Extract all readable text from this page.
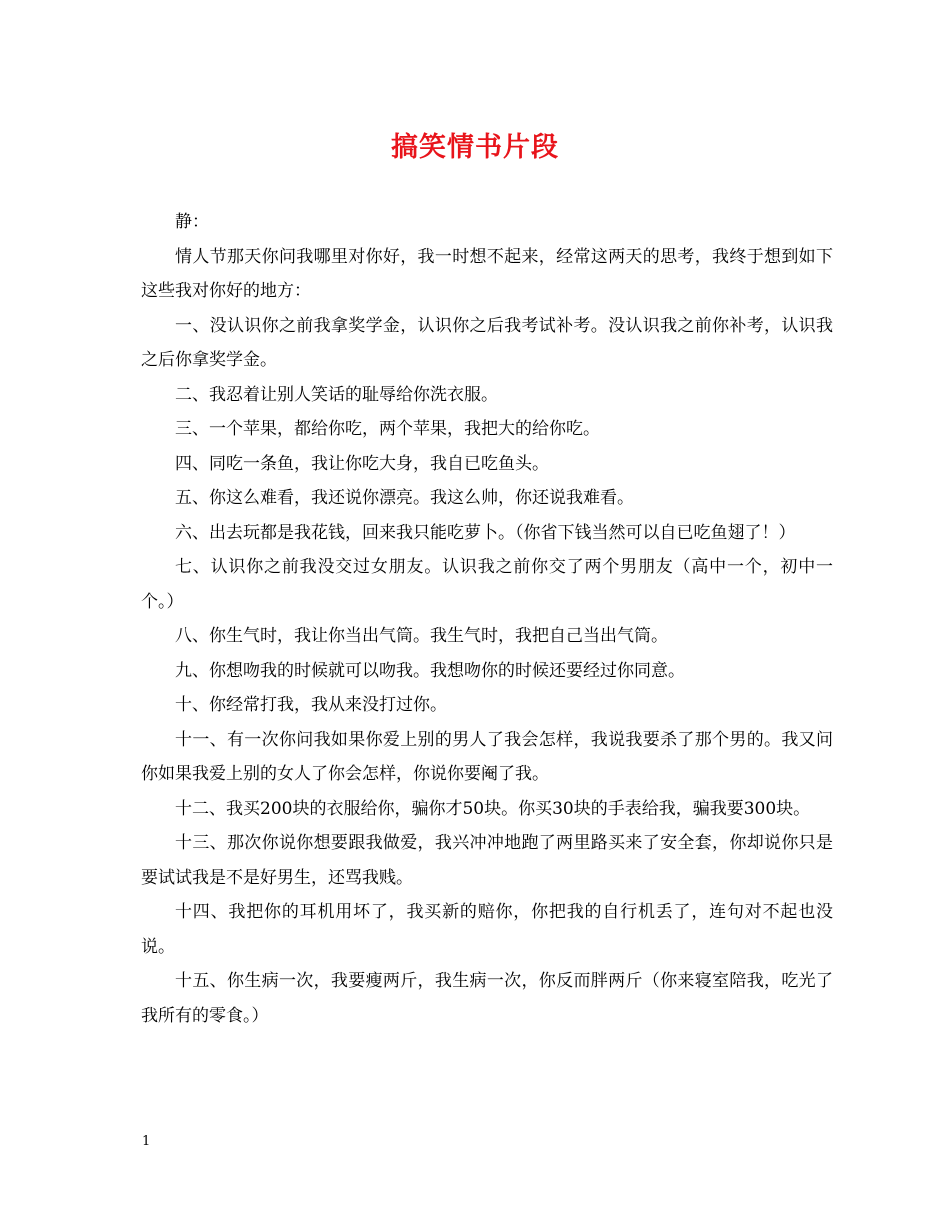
搞笑情书片段

静：

情人节那天你问我哪里对你好，我一时想不起来，经常这两天的思考，我终于想到如下这些我对你好的地方：

一、没认识你之前我拿奖学金，认识你之后我考试补考。没认识我之前你补考，认识我之后你拿奖学金。

二、我忍着让别人笑话的耻辱给你洗衣服。

三、一个苹果，都给你吃，两个苹果，我把大的给你吃。

四、同吃一条鱼，我让你吃大身，我自已吃鱼头。

五、你这么难看，我还说你漂亮。我这么帅，你还说我难看。

六、出去玩都是我花钱，回来我只能吃萝卜。（你省下钱当然可以自已吃鱼翅了！）

七、认识你之前我没交过女朋友。认识我之前你交了两个男朋友（高中一个，初中一个。）

八、你生气时，我让你当出气筒。我生气时，我把自己当出气筒。

九、你想吻我的时候就可以吻我。我想吻你的时候还要经过你同意。

十、你经常打我，我从来没打过你。

十一、有一次你问我如果你爱上别的男人了我会怎样，我说我要杀了那个男的。我又问你如果我爱上别的女人了你会怎样，你说你要阉了我。

十二、我买200块的衣服给你，骗你才50块。你买30块的手表给我，骗我要300块。

十三、那次你说你想要跟我做爱，我兴冲冲地跑了两里路买来了安全套，你却说你只是要试试我是不是好男生，还骂我贱。

十四、我把你的耳机用坏了，我买新的赔你，你把我的自行机丢了，连句对不起也没说。

十五、你生病一次，我要瘦两斤，我生病一次，你反而胖两斤（你来寝室陪我，吃光了我所有的零食。）

1
